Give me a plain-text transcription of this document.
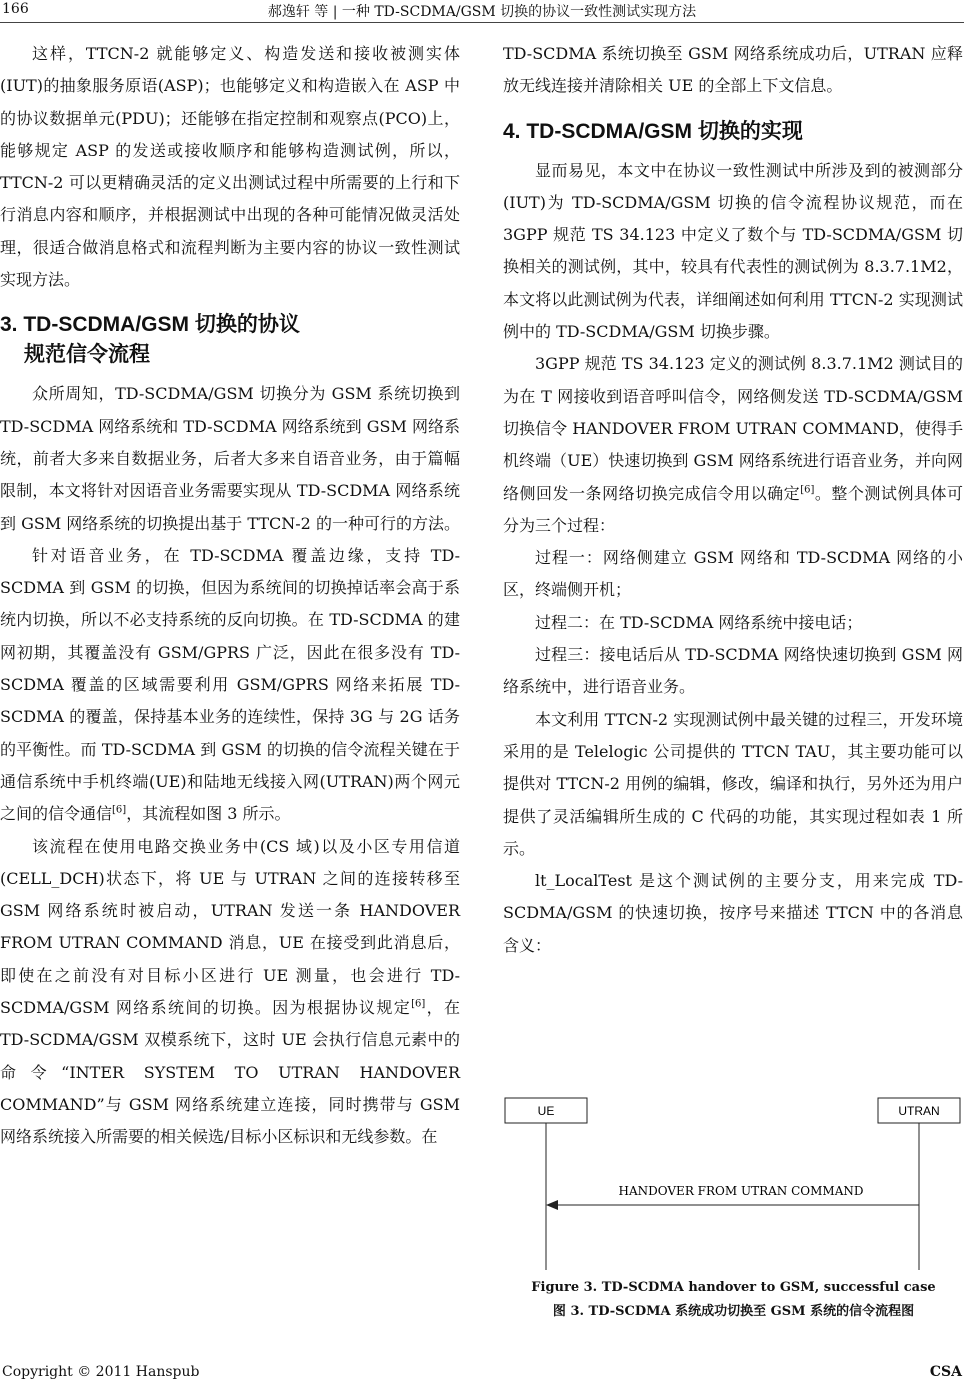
166	郝逸轩 等 | 一种 TD-SCDMA/GSM 切换的协议一致性测试实现方法

这样，TTCN-2 就能够定义、构造发送和接收被测实体(IUT)的抽象服务原语(ASP)；也能够定义和构造嵌入在 ASP 中的协议数据单元(PDU)；还能够在指定控制和观察点(PCO)上，能够规定 ASP 的发送或接收顺序和能够构造测试例，所以，TTCN-2 可以更精确灵活的定义出测试过程中所需要的上行和下行消息内容和顺序，并根据测试中出现的各种可能情况做灵活处理，很适合做消息格式和流程判断为主要内容的协议一致性测试实现方法。

3. TD-SCDMA/GSM 切换的协议
规范信令流程

众所周知，TD-SCDMA/GSM 切换分为 GSM 系统切换到 TD-SCDMA 网络系统和 TD-SCDMA 网络系统到 GSM 网络系统，前者大多来自数据业务，后者大多来自语音业务，由于篇幅限制，本文将针对因语音业务需要实现从 TD-SCDMA 网络系统到 GSM 网络系统的切换提出基于 TTCN-2 的一种可行的方法。

针对语音业务，在 TD-SCDMA 覆盖边缘，支持 TD-SCDMA 到 GSM 的切换，但因为系统间的切换掉话率会高于系统内切换，所以不必支持系统的反向切换。在 TD-SCDMA 的建网初期，其覆盖没有 GSM/GPRS 广泛，因此在很多没有 TD-SCDMA 覆盖的区域需要利用 GSM/GPRS 网络来拓展 TD-SCDMA 的覆盖，保持基本业务的连续性，保持 3G 与 2G 话务的平衡性。而 TD-SCDMA 到 GSM 的切换的信令流程关键在于通信系统中手机终端(UE)和陆地无线接入网(UTRAN)两个网元之间的信令通信[6]，其流程如图 3 所示。

该流程在使用电路交换业务中(CS 域)以及小区专用信道(CELL_DCH)状态下，将 UE 与 UTRAN 之间的连接转移至 GSM 网络系统时被启动，UTRAN 发送一条 HANDOVER FROM UTRAN COMMAND 消息，UE 在接受到此消息后，即使在之前没有对目标小区进行 UE 测量，也会进行 TD-SCDMA/GSM 网络系统间的切换。因为根据协议规定[6]，在 TD-SCDMA/GSM 双模系统下，这时 UE 会执行信息元素中的命令“INTER SYSTEM TO UTRAN HANDOVER COMMAND”与 GSM 网络系统建立连接，同时携带与 GSM 网络系统接入所需要的相关候选/目标小区标识和无线参数。在

TD-SCDMA 系统切换至 GSM 网络系统成功后，UTRAN 应释放无线连接并清除相关 UE 的全部上下文信息。

4. TD-SCDMA/GSM 切换的实现

显而易见，本文中在协议一致性测试中所涉及到的被测部分(IUT)为 TD-SCDMA/GSM 切换的信令流程协议规范，而在 3GPP 规范 TS 34.123 中定义了数个与 TD-SCDMA/GSM 切换相关的测试例，其中，较具有代表性的测试例为 8.3.7.1M2，本文将以此测试例为代表，详细阐述如何利用 TTCN-2 实现测试例中的 TD-SCDMA/GSM 切换步骤。

3GPP 规范 TS 34.123 定义的测试例 8.3.7.1M2 测试目的为在 T 网接收到语音呼叫信令，网络侧发送 TD-SCDMA/GSM 切换信令 HANDOVER FROM UTRAN COMMAND，使得手机终端（UE）快速切换到 GSM 网络系统进行语音业务，并向网络侧回发一条网络切换完成信令用以确定[6]。整个测试例具体可分为三个过程：

过程一：网络侧建立 GSM 网络和 TD-SCDMA 网络的小区，终端侧开机；

过程二：在 TD-SCDMA 网络系统中接电话；

过程三：接电话后从 TD-SCDMA 网络快速切换到 GSM 网络系统中，进行语音业务。

本文利用 TTCN-2 实现测试例中最关键的过程三，开发环境采用的是 Telelogic 公司提供的 TTCN TAU，其主要功能可以提供对 TTCN-2 用例的编辑，修改，编译和执行，另外还为用户提供了灵活编辑所生成的 C 代码的功能，其实现过程如表 1 所示。

lt_LocalTest 是这个测试例的主要分支，用来完成 TD-SCDMA/GSM 的快速切换，按序号来描述 TTCN 中的各消息含义：

UE	UTRAN
HANDOVER FROM UTRAN COMMAND
Figure 3. TD-SCDMA handover to GSM, successful case
图 3. TD-SCDMA 系统成功切换至 GSM 系统的信令流程图
Copyright © 2011 Hanspub	CSA
